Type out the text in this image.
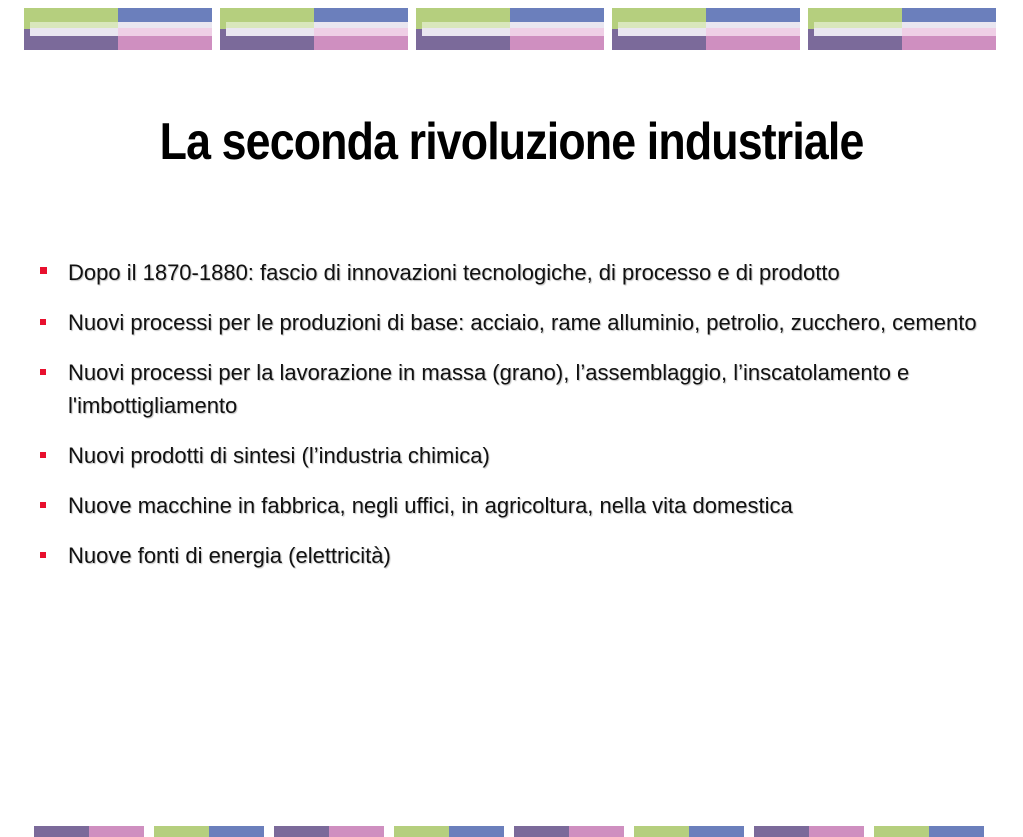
La seconda rivoluzione industriale
Dopo il 1870-1880: fascio di innovazioni tecnologiche, di processo e di prodotto
Nuovi processi per le produzioni di base: acciaio, rame alluminio, petrolio, zucchero, cemento
Nuovi processi per la lavorazione in massa (grano), l’assemblaggio, l’inscatolamento e l'imbottigliamento
Nuovi prodotti di sintesi (l’industria chimica)
Nuove macchine in fabbrica, negli uffici, in agricoltura, nella vita domestica
Nuove fonti di energia (elettricità)
